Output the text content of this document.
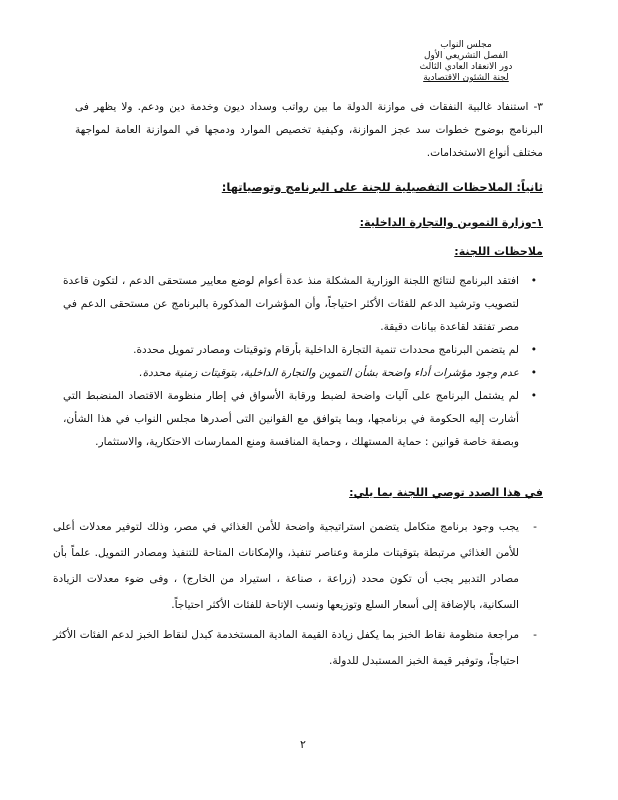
مجلس النواب
الفصل التشريعي الأول
دور الانعقاد العادي الثالث
لجنة الشئون الاقتصادية
٣- استنفاد غالبية النفقات فى موازنة الدولة ما بين رواتب وسداد ديون وخدمة دين ودعم. ولا يظهر فى البرنامج بوضوح خطوات سد عجز الموازنة، وكيفية تخصيص الموارد ودمجها في الموازنة العامة لمواجهة مختلف أنواع الاستخدامات.
ثانياً: الملاحظات التفصيلية للجنة على البرنامج وتوصياتها:
١-وزارة التموين والتجارة الداخلية:
ملاحظات اللجنة:
•
افتقد البرنامج لنتائج اللجنة الوزارية المشكلة منذ عدة أعوام لوضع معايير مستحقى الدعم ، لتكون قاعدة لتصويب وترشيد الدعم للفئات الأكثر احتياجاً، وأن المؤشرات المذكورة بالبرنامج عن مستحقى الدعم في مصر تفتقد لقاعدة بيانات دقيقة.
•
لم يتضمن البرنامج محددات تنمية التجارة الداخلية بأرقام وتوقيتات ومصادر تمويل محددة.
•
عدم وجود مؤشرات أداء واضحة بشأن التموين والتجارة الداخلية، بتوقيتات زمنية محددة.
•
لم يشتمل البرنامج على آليات واضحة لضبط ورقابة الأسواق في إطار منظومة الاقتصاد المنضبط التي أشارت إليه الحكومة في برنامجها، وبما يتوافق مع القوانين التى أصدرها مجلس النواب في هذا الشأن، وبصفة خاصة قوانين : حماية المستهلك ، وحماية المنافسة ومنع الممارسات الاحتكارية، والاستثمار.
في هذا الصدد توصي اللجنة بما يلي:
-
يجب وجود برنامج متكامل يتضمن استراتيجية واضحة للأمن الغذائي في مصر، وذلك لتوفير معدلات أعلى للأمن الغذائي مرتبطة بتوقيتات ملزمة وعناصر تنفيذ، والإمكانات المتاحة للتنفيذ ومصادر التمويل. علماً بأن مصادر التدبير يجب أن تكون محدد (زراعة ، صناعة ، استيراد من الخارج) ، وفى ضوء معدلات الزيادة السكانية، بالإضافة إلى أسعار السلع وتوزيعها ونسب الإتاحة للفئات الأكثر احتياجاً.
-
مراجعة منظومة نقاط الخبز بما يكفل زيادة القيمة المادية المستخدمة كبدل لنقاط الخبز لدعم الفئات الأكثر احتياجاً، وتوفير قيمة الخبز المستبدل للدولة.
٢
